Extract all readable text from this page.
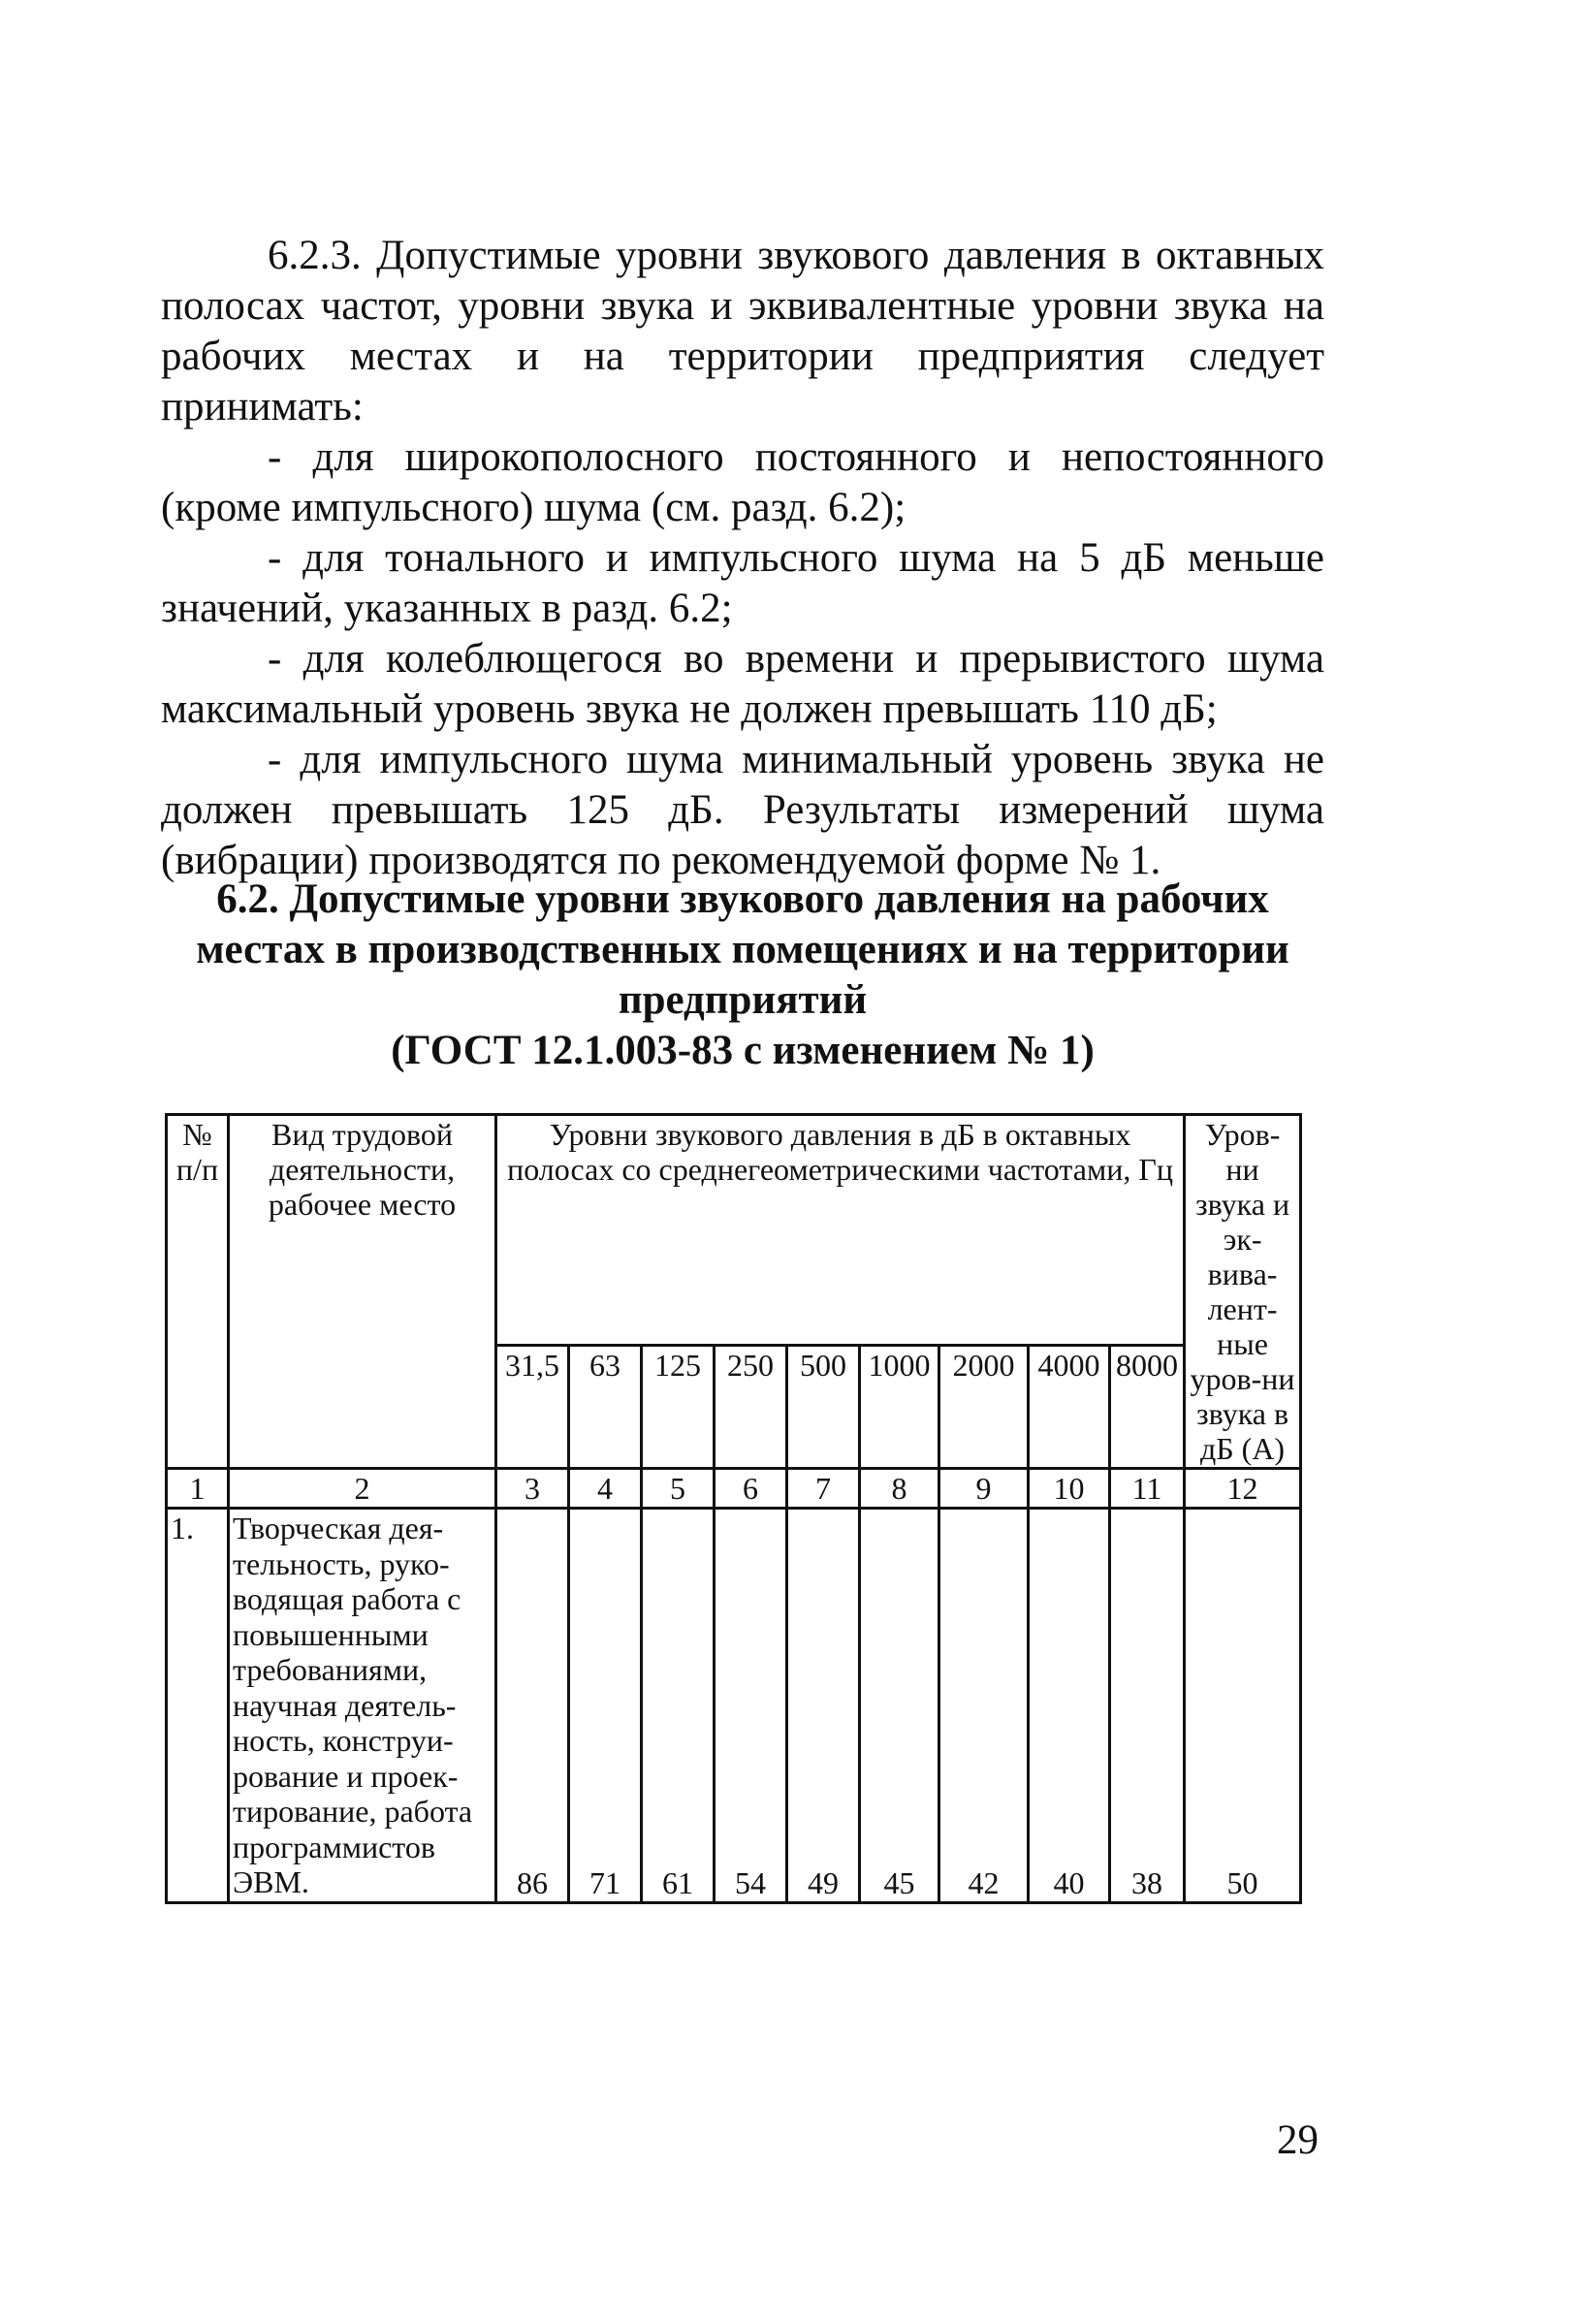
6.2.3. Допустимые уровни звукового давления в октавных полосах частот, уровни звука и эквивалентные уровни звука на рабочих местах и на территории предприятия следует принимать:

- для широкополосного постоянного и непостоянного (кроме импульсного) шума (см. разд. 6.2);

- для тонального и импульсного шума на 5 дБ меньше значений, указанных в разд. 6.2;

- для колеблющегося во времени и прерывистого шума максимальный уровень звука не должен превышать 110 дБ;

- для импульсного шума минимальный уровень звука не должен превышать 125 дБ. Результаты измерений шума (вибрации) производятся по рекомендуемой форме № 1.

6.2. Допустимые уровни звукового давления на рабочих
местах в производственных помещениях и на территории
предприятий
(ГОСТ 12.1.003-83 с изменением № 1)
№ п/п	Вид трудовой деятельности, рабочее место	Уровни звукового давления в дБ в октавных полосах со среднегеометрическими частотами, Гц									Уров-ни звука и эк-вива-лент-ные уров-ни звука в дБ (А)
		31,5	63	125	250	500	1000	2000	4000	8000	
1	2	3	4	5	6	7	8	9	10	11	12
1.	Творческая дея-тельность, руко-водящая работа с повышенными требованиями, научная деятель-ность, конструи-рование и проек-тирование, работа программистов ЭВМ.	86	71	61	54	49	45	42	40	38	50
29
